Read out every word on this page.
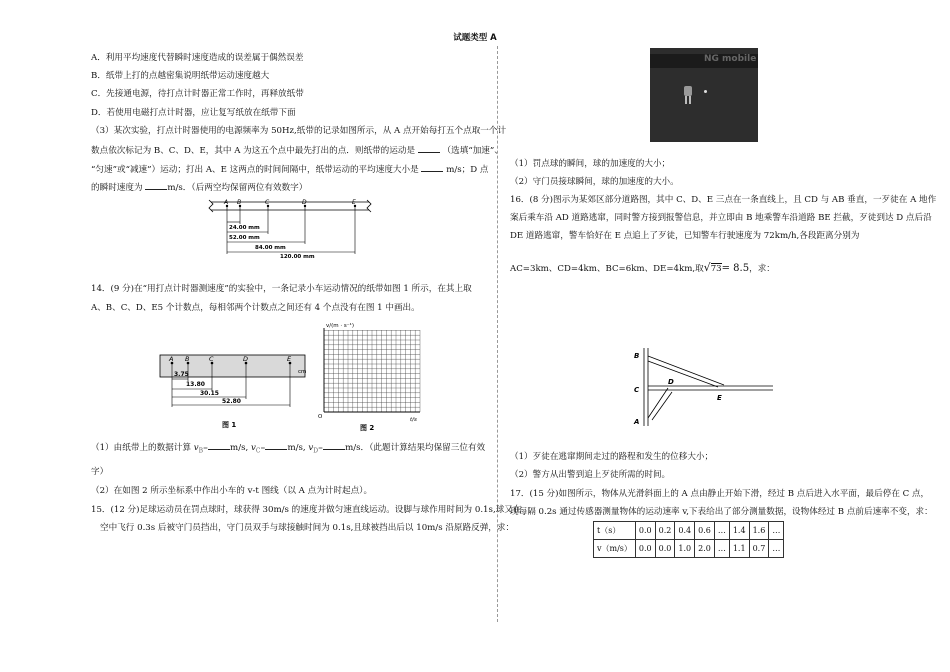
试题类型 A
A．利用平均速度代替瞬时速度造成的误差属于偶然误差
B．纸带上打的点越密集说明纸带运动速度越大
C．先接通电源，待打点计时器正常工作时，再释放纸带
D．若使用电磁打点计时器，应让复写纸放在纸带下面
（3）某次实验，打点计时器使用的电源频率为 50Hz,纸带的记录如图所示，从 A 点开始每打五个点取一个计
数点依次标记为 B、C、D、E，其中 A 为这五个点中最先打出的点．则纸带的运动是	（选填“加速”、
“匀速”或“减速”）运动；打出 A、E 这两点的时间间隔中，纸带运动的平均速度大小是	m/s；D 点
的瞬时速度为	m/s．（后两空均保留两位有效数字）
A B	C	D	E
24.00 mm
52.00 mm
84.00 mm
120.00 mm
14．(9 分)在“用打点计时器测速度”的实验中，一条记录小车运动情况的纸带如图 1 所示，在其上取
A、B、C、D、E5 个计数点，每相邻两个计数点之间还有 4 个点没有在图 1 中画出。
A B	C	D	E
cm
3.75
13.80
30.15
52.80
图 1
v/(m · s⁻¹)
t/s
O
图 2
（1）由纸带上的数据计算 $v_B=$	m/s, $v_C=$	m/s, $v_D=$	m/s．（此题计算结果均保留三位有效
字）
（2）在如图 2 所示坐标系中作出小车的 v-t 图线（以 A 点为计时起点）。
15．(12 分)足球运动员在罚点球时，球获得 30m/s 的速度并做匀速直线运动。设脚与球作用时间为 0.1s,球又在
空中飞行 0.3s 后被守门员挡出，守门员双手与球接触时间为 0.1s,且球被挡出后以 10m/s 沿原路反弹，求：
NG mobile
（1）罚点球的瞬间，球的加速度的大小；
（2）守门员接球瞬间，球的加速度的大小。
16．(8 分)图示为某郊区部分道路图，其中 C、D、E 三点在一条直线上，且 CD 与 AB 垂直，一歹徒在 A 地作
案后乘车沿 AD 道路逃窜，同时警方接到报警信息，并立即由 B 地乘警车沿道路 BE 拦截，歹徒到达 D 点后沿
DE 道路逃窜，警车恰好在 E 点追上了歹徒，已知警车行驶速度为 72km/h,各段距离分别为
AC=3km、CD=4km、BC=6km、DE=4km,取√73= 8.5，求：
B
C
D
E
A
（1）歹徒在逃窜期间走过的路程和发生的位移大小；
（2）警方从出警到追上歹徒所需的时间。
17．(15 分)如图所示，物体从光滑斜面上的 A 点由静止开始下滑，经过 B 点后进入水平面，最后停在 C 点，
现每隔 0.2s 通过传感器测量物体的运动速率 v,下表给出了部分测量数据，设物体经过 B 点前后速率不变，求：
t（s）	0.0	0.2	0.4	0.6	…	1.4	1.6	…
v（m/s）	0.0	0.0	1.0	2.0	…	1.1	0.7	…
